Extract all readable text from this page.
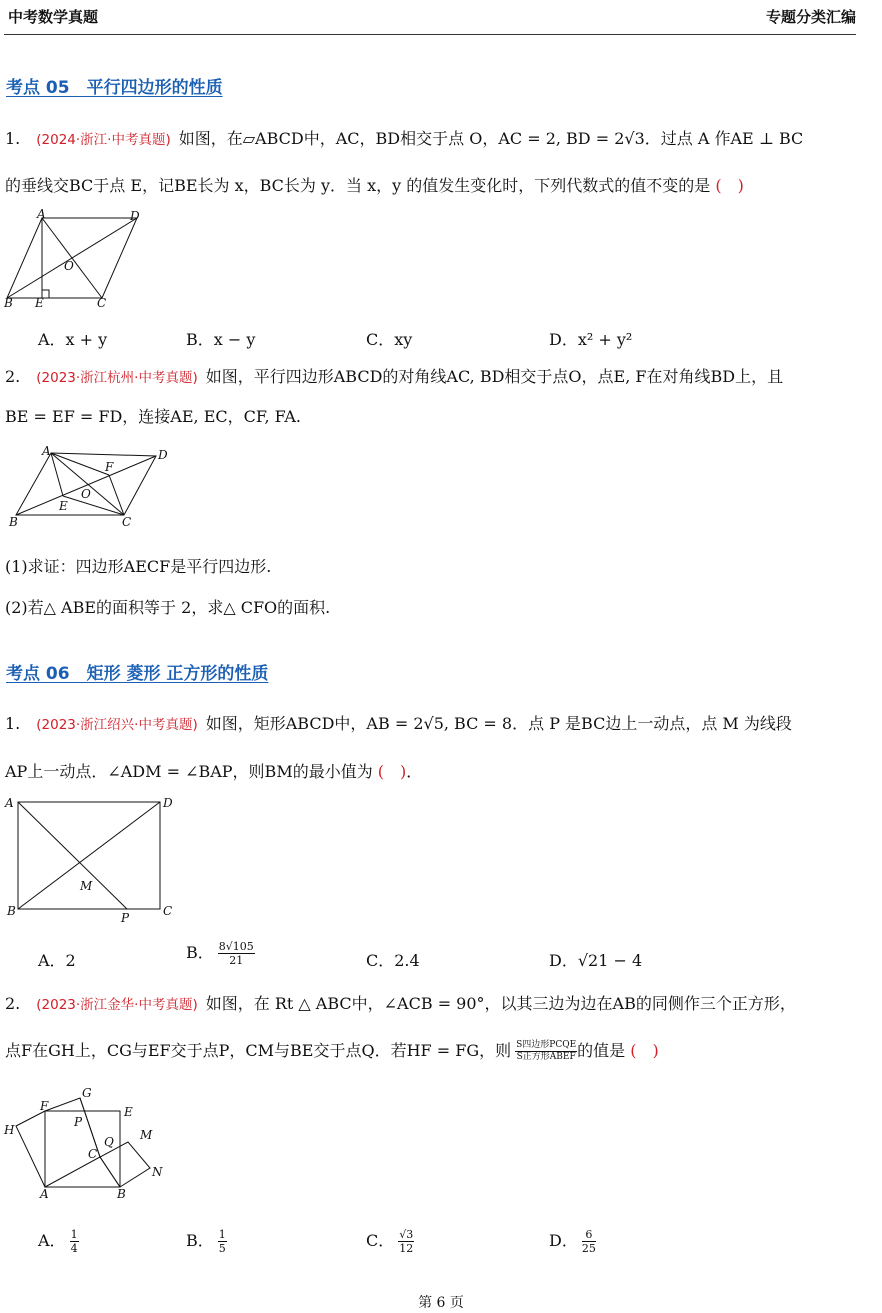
中考数学真题	专题分类汇编
考点 05　平行四边形的性质
1. (2024·浙江·中考真题) 如图，在▱ABCD中，AC，BD相交于点 O，AC = 2, BD = 2√3．过点 A 作AE ⊥ BC
的垂线交BC于点 E，记BE长为 x，BC长为 y．当 x，y 的值发生变化时，下列代数式的值不变的是 (　)
A	D
O
B E	C
A．x + y	B．x − y	C．xy	D．x² + y²
2. (2023·浙江杭州·中考真题) 如图，平行四边形ABCD的对角线AC, BD相交于点O，点E, F在对角线BD上，且
BE = EF = FD，连接AE, EC，CF, FA.
A	D
F
O
E
B	C
(1)求证：四边形AECF是平行四边形.
(2)若△ ABE的面积等于 2，求△ CFO的面积.
考点 06　矩形 菱形 正方形的性质
1. (2023·浙江绍兴·中考真题) 如图，矩形ABCD中，AB = 2√5, BC = 8．点 P 是BC边上一动点，点 M 为线段
AP上一动点．∠ADM = ∠BAP，则BM的最小值为 (　)．
A	D
M
B	P	C
A．2	B． $\frac{8√105}{21}$	C．2.4	D．√21 − 4
2. (2023·浙江金华·中考真题) 如图，在 Rt △ ABC中，∠ACB = 90°，以其三边为边在AB的同侧作三个正方形，
点F在GH上，CG与EF交于点P，CM与BE交于点Q．若HF = FG，则 $\frac{\text{S四边形PCQE}}{\text{S正方形ABEF}}$ 的值是 (　)
G
F	E
H
P
Q M
C
N
A	B
A． $\frac{1}{4}$	B． $\frac{1}{5}$	C． $\frac{√3}{12}$	D． $\frac{6}{25}$
第 6 页
